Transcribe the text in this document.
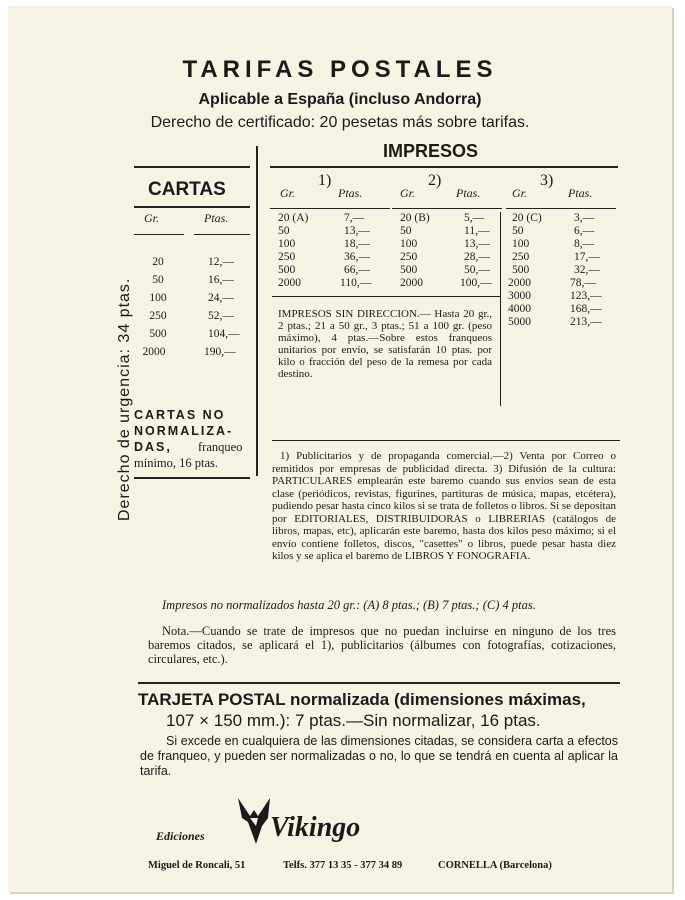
TARIFAS POSTALES
Aplicable a España (incluso Andorra)
Derecho de certificado: 20 pesetas más sobre tarifas.
CARTAS
Gr.	Ptas.
20	12,—
50	16,—
100	24,—
250	52,—
500	104,—
2000	190,—
Derecho de urgencia: 34 ptas. CARTAS NO
NORMALIZA-
DAS, franqueo
mínimo, 16 ptas.
IMPRESOS
1)
Gr.	Ptas.
20 (A)	7,—
50	13,—
100	18,—
250	36,—
500	66,—
2000	110,—
2)
Gr.	Ptas.
20 (B)	5,—
50	11,—
100	13,—
250	28,—
500	50,—
2000	100,—
3)
Gr.	Ptas.
20 (C)	3,—
50	6,—
100	8,—
250	17,—
500	32,—
2000	78,—
3000	123,—
4000	168,—
5000	213,—
IMPRESOS SIN DIRECCION.— Hasta 20 gr., 2 ptas.; 21 a 50 gr., 3 ptas.; 51 a 100 gr. (peso máximo), 4 ptas.—Sobre estos franqueos unitarios por envío, se satisfarán 10 ptas. por kilo o fracción del peso de la remesa por cada destino.
1) Publicitarios y de propaganda comercial.—2) Venta por Correo o remitidos por empresas de publicidad directa. 3) Difusión de la cultura: PARTICULARES emplearán este baremo cuando sus envíos sean de esta clase (periódicos, revistas, figurines, partituras de música, mapas, etcétera), pudiendo pesar hasta cinco kilos si se trata de folletos o libros. Si se depositan por EDITORIALES, DISTRIBUIDORAS o LIBRERIAS (catálogos de libros, mapas, etc), aplicarán este baremo, hasta dos kilos peso máximo; si el envío contiene folletos, discos, "casettes" o libros, puede pesar hasta diez kilos y se aplica el baremo de LIBROS Y FONOGRAFIA.
Impresos no normalizados hasta 20 gr.: (A) 8 ptas.; (B) 7 ptas.; (C) 4 ptas.
Nota.—Cuando se trate de impresos que no puedan incluirse en ninguno de los tres baremos citados, se aplicará el 1), publicitarios (álbumes con fotografías, cotizaciones, circulares, etc.).
TARJETA POSTAL normalizada (dimensiones máximas,
107 × 150 mm.): 7 ptas.—Sin normalizar, 16 ptas.
Si excede en cualquiera de las dimensiones citadas, se considera carta a efectos de franqueo, y pueden ser normalizadas o no, lo que se tendrá en cuenta al aplicar la tarifa.
Ediciones Vikingo
Miguel de Roncali, 51	Telfs. 377 13 35 - 377 34 89	CORNELLA (Barcelona)
